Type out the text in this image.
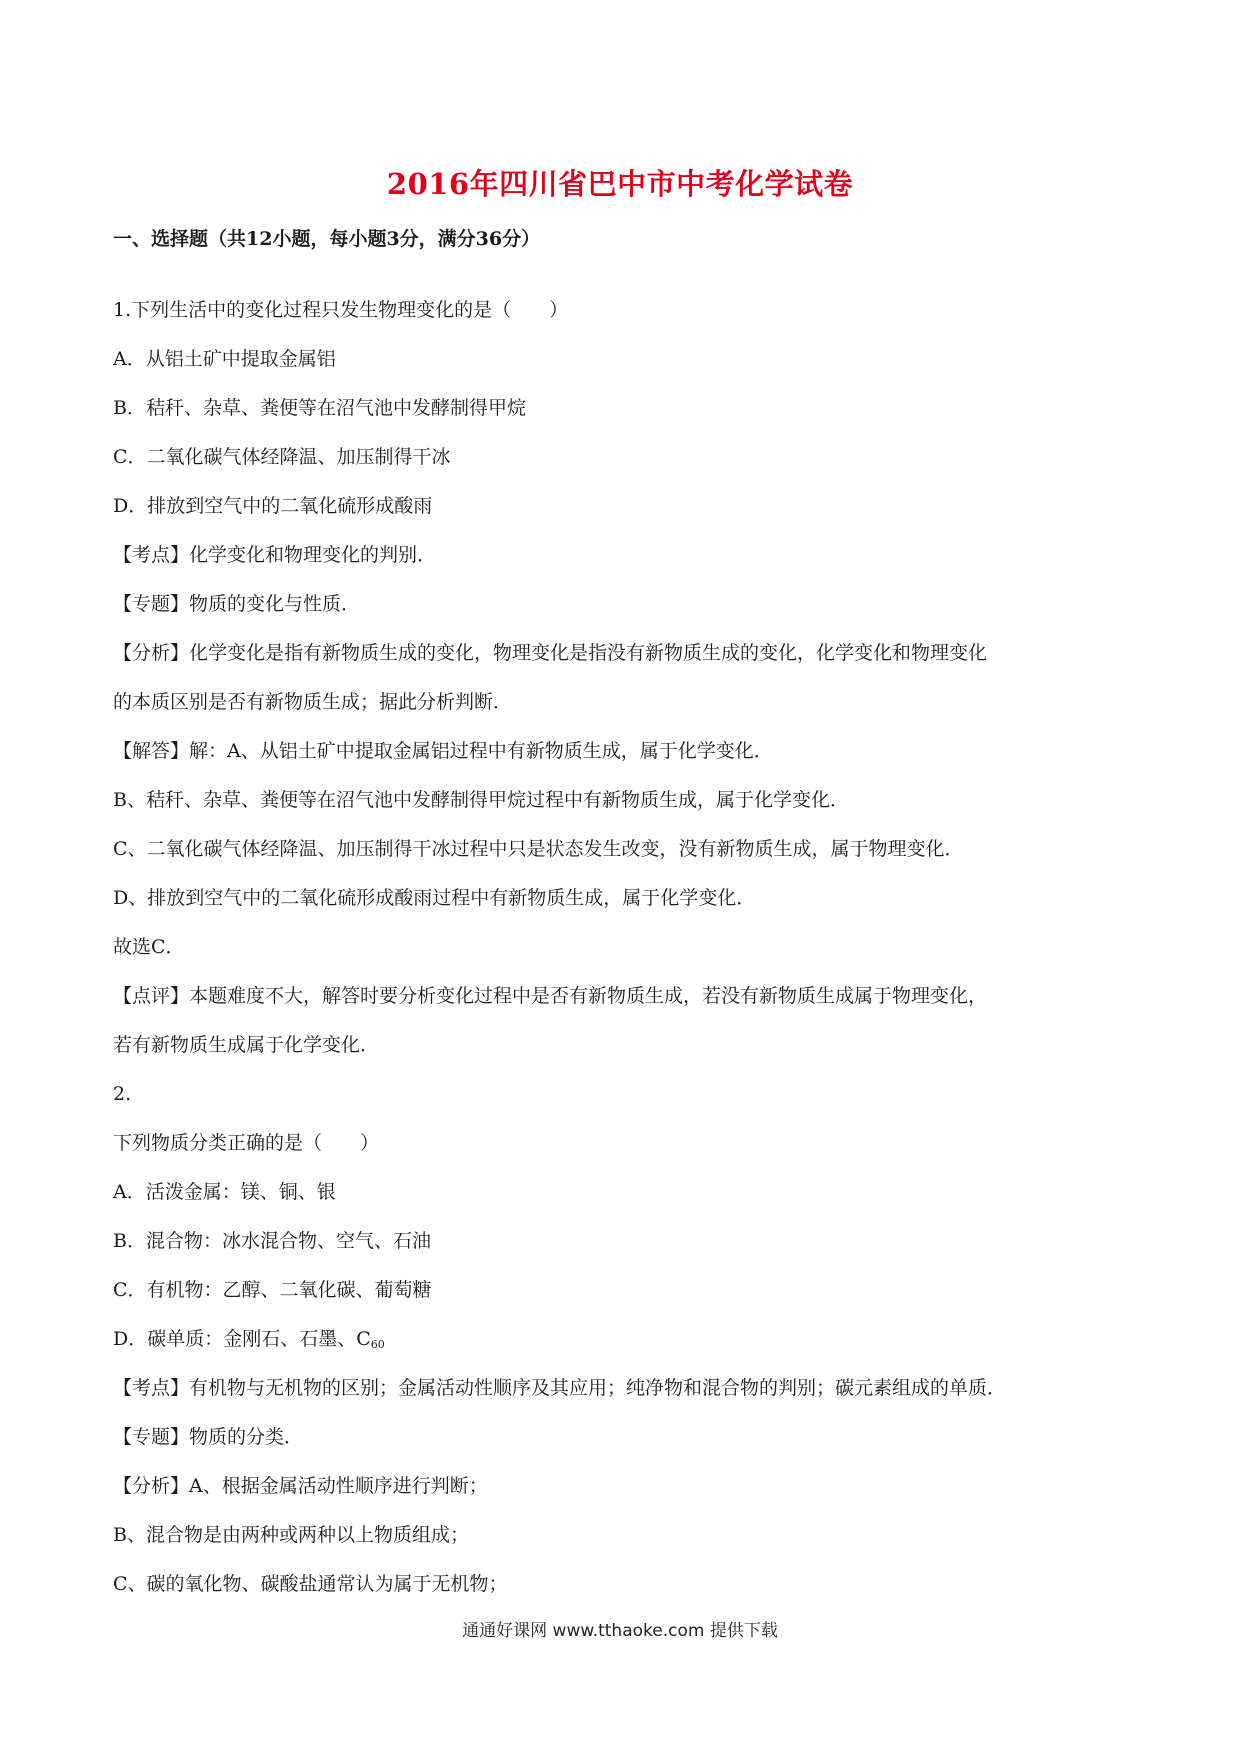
2016年四川省巴中市中考化学试卷
一、选择题（共12小题，每小题3分，满分36分）
1.下列生活中的变化过程只发生物理变化的是（　　）
A．从铝土矿中提取金属铝
B．秸秆、杂草、粪便等在沼气池中发酵制得甲烷
C．二氧化碳气体经降温、加压制得干冰
D．排放到空气中的二氧化硫形成酸雨
【考点】化学变化和物理变化的判别．
【专题】物质的变化与性质．
【分析】化学变化是指有新物质生成的变化，物理变化是指没有新物质生成的变化，化学变化和物理变化
的本质区别是否有新物质生成；据此分析判断．
【解答】解：A、从铝土矿中提取金属铝过程中有新物质生成，属于化学变化．
B、秸秆、杂草、粪便等在沼气池中发酵制得甲烷过程中有新物质生成，属于化学变化．
C、二氧化碳气体经降温、加压制得干冰过程中只是状态发生改变，没有新物质生成，属于物理变化．
D、排放到空气中的二氧化硫形成酸雨过程中有新物质生成，属于化学变化．
故选C．
【点评】本题难度不大，解答时要分析变化过程中是否有新物质生成，若没有新物质生成属于物理变化，
若有新物质生成属于化学变化．
2.
下列物质分类正确的是（　　）
A．活泼金属：镁、铜、银
B．混合物：冰水混合物、空气、石油
C．有机物：乙醇、二氧化碳、葡萄糖
D．碳单质：金刚石、石墨、$C_{60}$
【考点】有机物与无机物的区别；金属活动性顺序及其应用；纯净物和混合物的判别；碳元素组成的单质．
【专题】物质的分类．
【分析】A、根据金属活动性顺序进行判断；
B、混合物是由两种或两种以上物质组成；
C、碳的氧化物、碳酸盐通常认为属于无机物；
通通好课网 www.tthaoke.com 提供下载
